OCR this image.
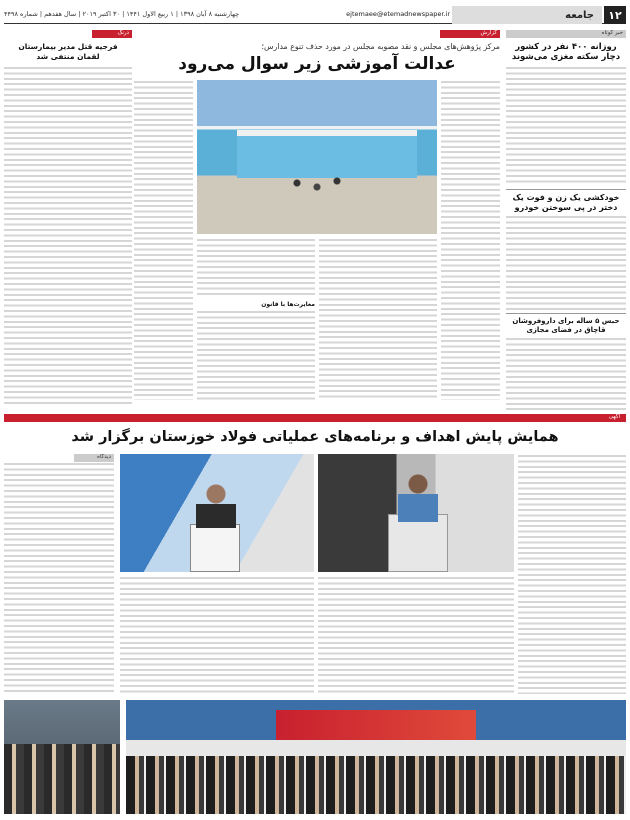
۱۲
جامعه
ejtemaee@etemadnewspaper.ir
چهارشنبه ۸ آبان ۱۳۹۸ | ۱ ربیع الاول ۱۴۴۱ | ۳۰ اکتبر ۲۰۱۹ | سال هفدهم | شماره ۴۴۹۸
خبر کوتاه
روزانه ۴۰۰ نفر در کشور دچار سکته مغزی می‌شوند
خودکشی یک زن و فوت یک دختر در پی سوختن خودرو
حبس ۵ ساله برای داروفروشان قاچاق در فضای مجازی
گزارش
مرکز پژوهش‌های مجلس و نقد مصوبه مجلس در مورد حذف تنوع مدارس؛
عدالت آموزشی زیر سوال می‌رود
مغایرت‌ها با قانون
درنگ
فرجیه قتل مدیر بیمارستان لقمان منتفی شد
آگهی
همایش پایش اهداف و برنامه‌های عملیاتی فولاد خوزستان برگزار شد
دیدگاه
